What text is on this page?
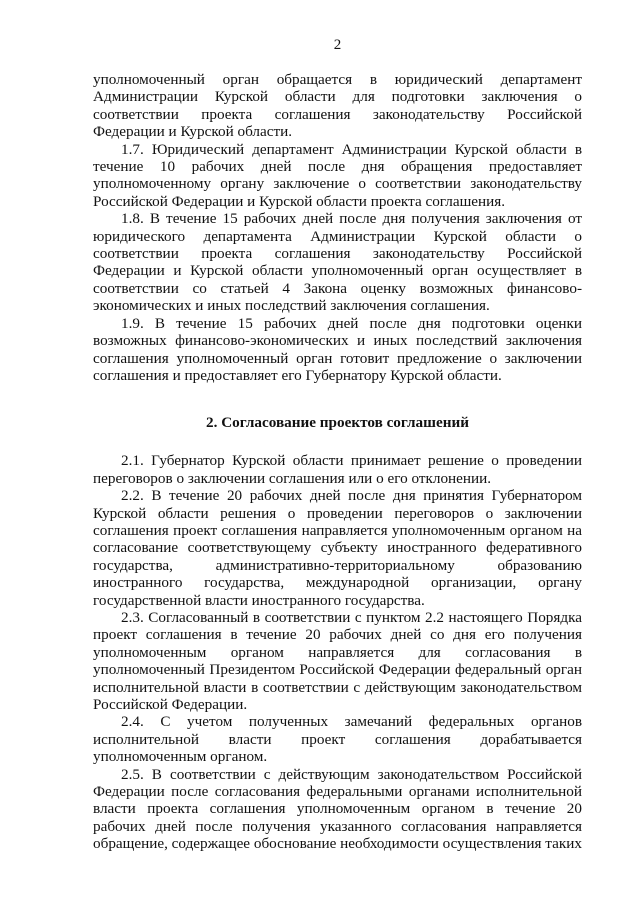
2

уполномоченный орган обращается в юридический департамент Администрации Курской области для подготовки заключения о соответствии проекта соглашения законодательству Российской Федерации и Курской области.

1.7. Юридический департамент Администрации Курской области в течение 10 рабочих дней после дня обращения предоставляет уполномоченному органу заключение о соответствии законодательству Российской Федерации и Курской области проекта соглашения.

1.8. В течение 15 рабочих дней после дня получения заключения от юридического департамента Администрации Курской области о соответствии проекта соглашения законодательству Российской Федерации и Курской области уполномоченный орган осуществляет в соответствии со статьей 4 Закона оценку возможных финансово-экономических и иных последствий заключения соглашения.

1.9. В течение 15 рабочих дней после дня подготовки оценки возможных финансово-экономических и иных последствий заключения соглашения уполномоченный орган готовит предложение о заключении соглашения и предоставляет его Губернатору Курской области.

2. Согласование проектов соглашений

2.1. Губернатор Курской области принимает решение о проведении переговоров о заключении соглашения или о его отклонении.

2.2. В течение 20 рабочих дней после дня принятия Губернатором Курской области решения о проведении переговоров о заключении соглашения проект соглашения направляется уполномоченным органом на согласование соответствующему субъекту иностранного федеративного государства, административно-территориальному образованию иностранного государства, международной организации, органу государственной власти иностранного государства.

2.3. Согласованный в соответствии с пунктом 2.2 настоящего Порядка проект соглашения в течение 20 рабочих дней со дня его получения уполномоченным органом направляется для согласования в уполномоченный Президентом Российской Федерации федеральный орган исполнительной власти в соответствии с действующим законодательством Российской Федерации.

2.4. С учетом полученных замечаний федеральных органов исполнительной власти проект соглашения дорабатывается уполномоченным органом.

2.5. В соответствии с действующим законодательством Российской Федерации после согласования федеральными органами исполнительной власти проекта соглашения уполномоченным органом в течение 20 рабочих дней после получения указанного согласования направляется обращение, содержащее обоснование необходимости осуществления таких
